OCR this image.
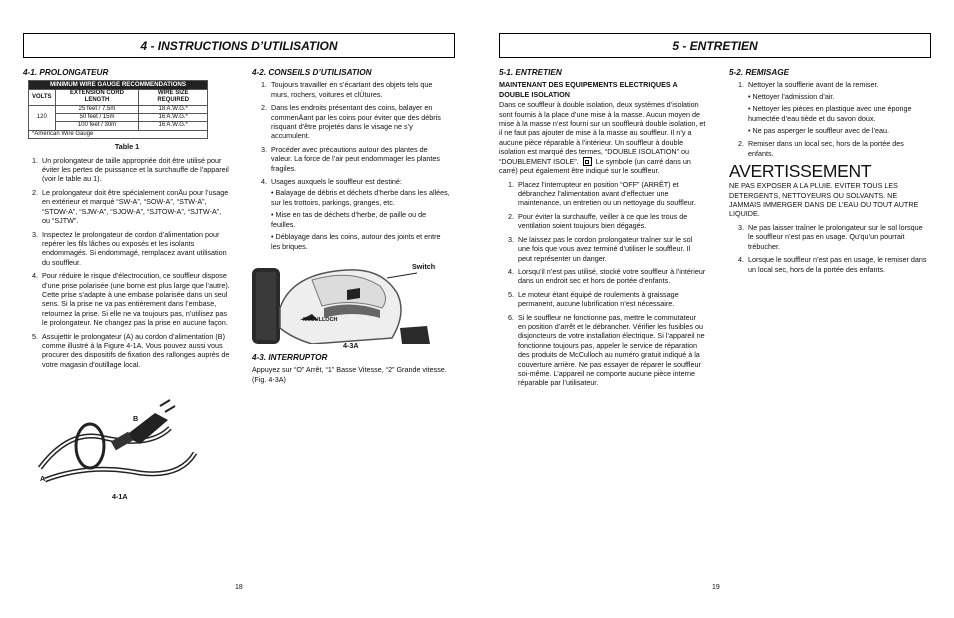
4 - INSTRUCTIONS D’UTILISATION	5 - ENTRETIEN
4-1. PROLONGATEUR
MINIMUM WIRE GAUGE RECOMMENDATIONS		
VOLTS	EXTENSION CORD LENGTH	WIRE SIZE REQUIRED
120	25 feet / 7.5m	18 A.W.G.*
	50 feet / 15m	16 A.W.G.*
	100 feet / 30m	16 A.W.G.*
*American Wire Gauge		
Table 1
1. Un prolongateur de taille appropriée doit être utilisé pour éviter les pertes de puissance et la surchauffe de l’appareil (voir le table au 1).
2. Le prolongateur doit être spécialement conÄu pour l’usage en extérieur et marqué “SW-A”, “SOW-A”, “STW-A”, “STOW-A”, “SJW-A”, “SJOW-A”, “SJTOW-A”, “SJTW-A”, ou “SJTW”.
3. Inspectez le prolongateur de cordon d’alimentation pour repérer les fils lâches ou exposés et les isolants endommagés. Si endommagé, remplacez avant utilisation du souffleur.
4. Pour réduire le risque d’électrocution, ce souffleur dispose d’une prise polarisée (une borne est plus large que l’autre). Cette prise s’adapte à une embase polarisée dans un seul sens. Si la prise ne va pas entièrement dans l’embase, retournez la prise. Si elle ne va toujours pas, n’utilisez pas le prolongateur. Ne changez pas la prise en aucune façon.
5. Assujettir le prolongateur (A) au cordon d’alimentation (B) comme illustré à la Figure 4-1A. Vous pouvez aussi vous procurer des dispositifs de fixation des rallonges auprès de votre magasin d’outillage local.
B
A
4-1A
4-2. CONSEILS D’UTILISATION
1. Toujours travailler en s’écartant des objets tels que murs, rochers, voitures et clÙtures.
2. Dans les endroits présentant des coins, balayer en commenÄant par les coins pour éviter que des débris risquant d’être projetés dans le visage ne s’y accumulent.
3. Procéder avec précautions autour des plantes de valeur. La force de l’air peut endommager les plantes fragiles.
4. Usages auxquels le souffleur est destiné:
• Balayage de débris et déchets d’herbe dans les allées, sur les trottoirs, parkings, granges, etc.
• Mise en tas de déchets d’herbe, de paille ou de feuilles.
• Déblayage dans les coins, autour des joints et entre les briques.
Switch
McCULLOCH
4-3A
4-3. INTERRUPTOR

Appuyez sur “O” Arrêt, “1” Basse Vitesse, “2” Grande vitesse. (Fig. 4-3A)

5-1. ENTRETIEN
MAINTENANT DES EQUIPEMENTS ELECTRIQUES A DOUBLE ISOLATION

Dans ce souffleur à double isolation, deux systèmes d’isolation sont fournis à la place d’une mise à la masse. Aucun moyen de mise à la masse n’est fourni sur un souffleurà double isolation, et il ne faut pas ajouter de mise à la masse au souffleur. Il n’y a aucune pièce réparable à l’intérieur. Un souffleur à double isolation est marqué des termes, “DOUBLE ISOLATION” ou “DOUBLEMENT ISOLE”. Le symbole (un carré dans un carré) peut également être indiqué sur le souffleur.

1. Placez l’interrupteur en position “OFF” (ARRÊT) et débranchez l’alimentation avant d’effectuer une maintenance, un entretien ou un nettoyage du souffleur.
2. Pour éviter la surchauffe, veiller à ce que les trous de ventilation soient toujours bien dégagés.
3. Ne laissez pas le cordon prolongateur traîner sur le sol une fois que vous avez terminé d’utiliser le souffleur. Il peut représenter un danger.
4. Lorsqu’il n’est pas utilisé, stocké votre souffleur à l’intérieur dans un endroit sec et hors de portée d’enfants.
5. Le moteur étant équipé de roulements à graissage permanent, aucune lubrification n’est nécessaire.
6. Si le souffleur ne fonctionne pas, mettre le commutateur en position d’arrêt et le débrancher. Vérifier les fusibles ou disjoncteurs de votre installation électrique. Si l’appareil ne fonctionne toujours pas, appeler le service de réparation des produits de McCulloch au numéro gratuit indiqué à la couverture arrière. Ne pas essayer de réparer le souffleur soi-même. L’appareil ne comporte aucune pièce interne réparable par l’utilisateur.
5-2. REMISAGE
1. Nettoyer la soufflerie avant de la remiser.
• Nettoyer l’admission d’air.
• Nettoyer les pièces en plastique avec une éponge humectée d’eau tiède et du savon doux.
• Ne pas asperger le souffleur avec de l’eau.
2. Remiser dans un local sec, hors de la portée des enfants.
AVERTISSEMENT

NE PAS EXPOSER A LA PLUIE. EVITER TOUS LES DETERGENTS, NETTOYEURS OU SOLVANTS. NE JAMMAIS IMMERGER DANS DE L’EAU OU TOUT AUTRE LIQUIDE.

3. Ne pas laisser traîner le prolongateur sur le sol lorsque le souffleur n’est pas en usage. Qu’qu’un pourrait trébucher.
4. Lorsque le souffleur n’est pas en usage, le remiser dans un local sec, hors de la portée des enfants.
18	19
